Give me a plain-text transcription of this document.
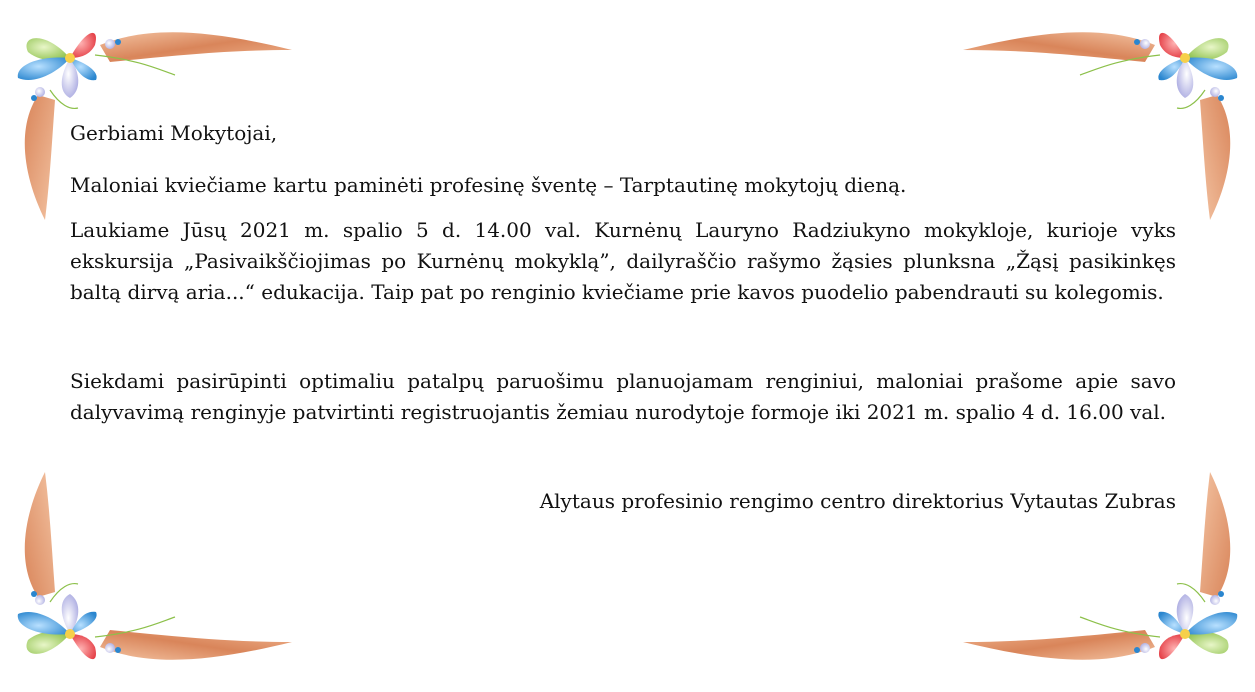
Gerbiami Mokytojai,

Maloniai kviečiame kartu paminėti profesinę šventę – Tarptautinę mokytojų dieną.

Laukiame Jūsų 2021 m. spalio 5 d. 14.00 val. Kurnėnų Lauryno Radziukyno mokykloje, kurioje vyks ekskursija „Pasivaikščiojimas po Kurnėnų mokyklą”, dailyraščio rašymo žąsies plunksna „Žąsį pasikinkęs baltą dirvą aria...“ edukacija. Taip pat po renginio kviečiame prie kavos puodelio pabendrauti su kolegomis.

Siekdami pasirūpinti optimaliu patalpų paruošimu planuojamam renginiui, maloniai prašome apie savo dalyvavimą renginyje patvirtinti registruojantis žemiau nurodytoje formoje iki 2021 m. spalio 4 d. 16.00 val.

Alytaus profesinio rengimo centro direktorius Vytautas Zubras
